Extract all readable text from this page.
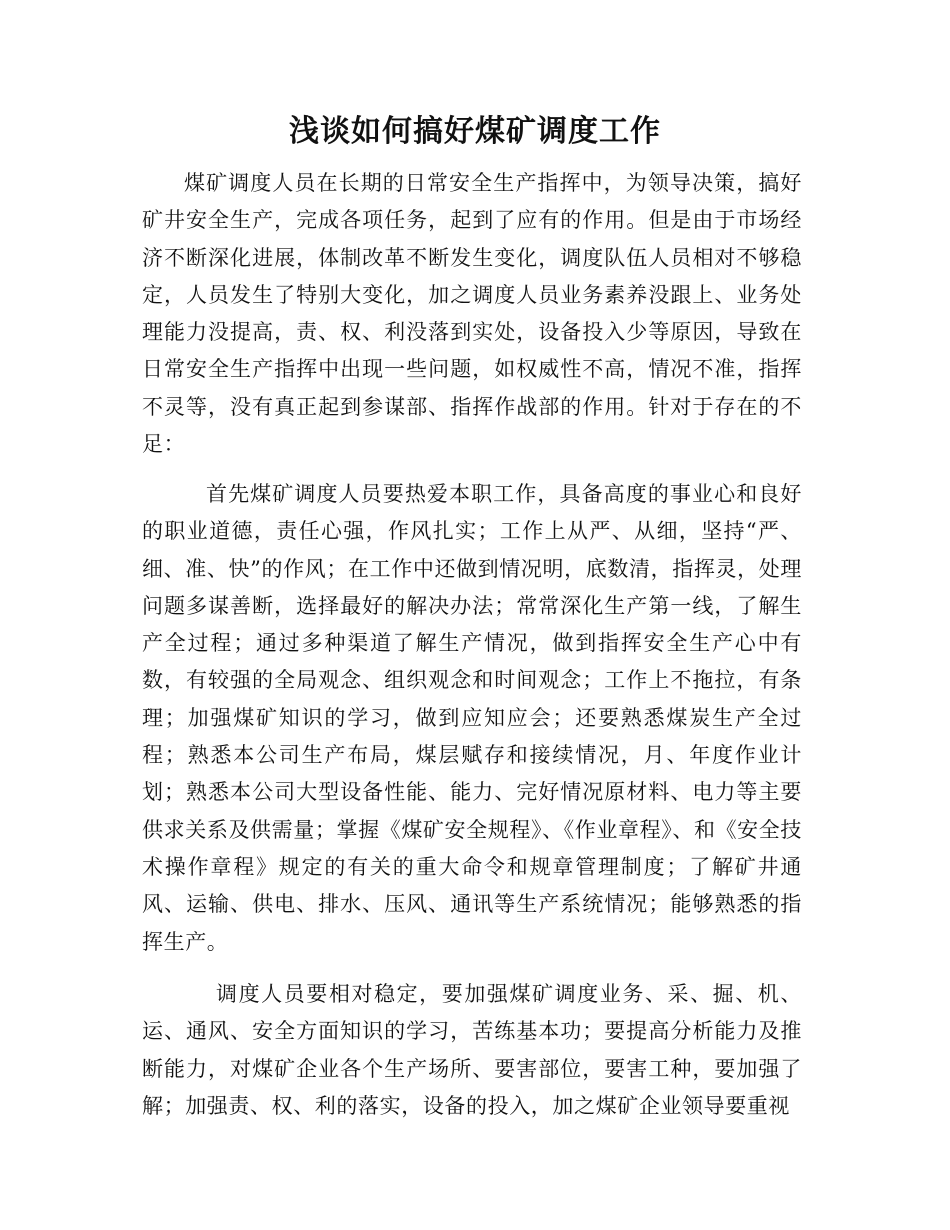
浅谈如何搞好煤矿调度工作

煤矿调度人员在长期的日常安全生产指挥中，为领导决策，搞好矿井安全生产，完成各项任务，起到了应有的作用。但是由于市场经济不断深化进展，体制改革不断发生变化，调度队伍人员相对不够稳定，人员发生了特别大变化，加之调度人员业务素养没跟上、业务处理能力没提高，责、权、利没落到实处，设备投入少等原因，导致在日常安全生产指挥中出现一些问题，如权威性不高，情况不准，指挥不灵等，没有真正起到参谋部、指挥作战部的作用。针对于存在的不足：

首先煤矿调度人员要热爱本职工作，具备高度的事业心和良好的职业道德，责任心强，作风扎实；工作上从严、从细，坚持“严、细、准、快”的作风；在工作中还做到情况明，底数清，指挥灵，处理问题多谋善断，选择最好的解决办法；常常深化生产第一线，了解生产全过程；通过多种渠道了解生产情况，做到指挥安全生产心中有数，有较强的全局观念、组织观念和时间观念；工作上不拖拉，有条理；加强煤矿知识的学习，做到应知应会；还要熟悉煤炭生产全过程；熟悉本公司生产布局，煤层赋存和接续情况，月、年度作业计划；熟悉本公司大型设备性能、能力、完好情况原材料、电力等主要供求关系及供需量；掌握《煤矿安全规程》、《作业章程》、和《安全技术操作章程》规定的有关的重大命令和规章管理制度；了解矿井通风、运输、供电、排水、压风、通讯等生产系统情况；能够熟悉的指挥生产。

调度人员要相对稳定，要加强煤矿调度业务、采、掘、机、运、通风、安全方面知识的学习，苦练基本功；要提高分析能力及推断能力，对煤矿企业各个生产场所、要害部位，要害工种，要加强了解；加强责、权、利的落实，设备的投入，加之煤矿企业领导要重视
